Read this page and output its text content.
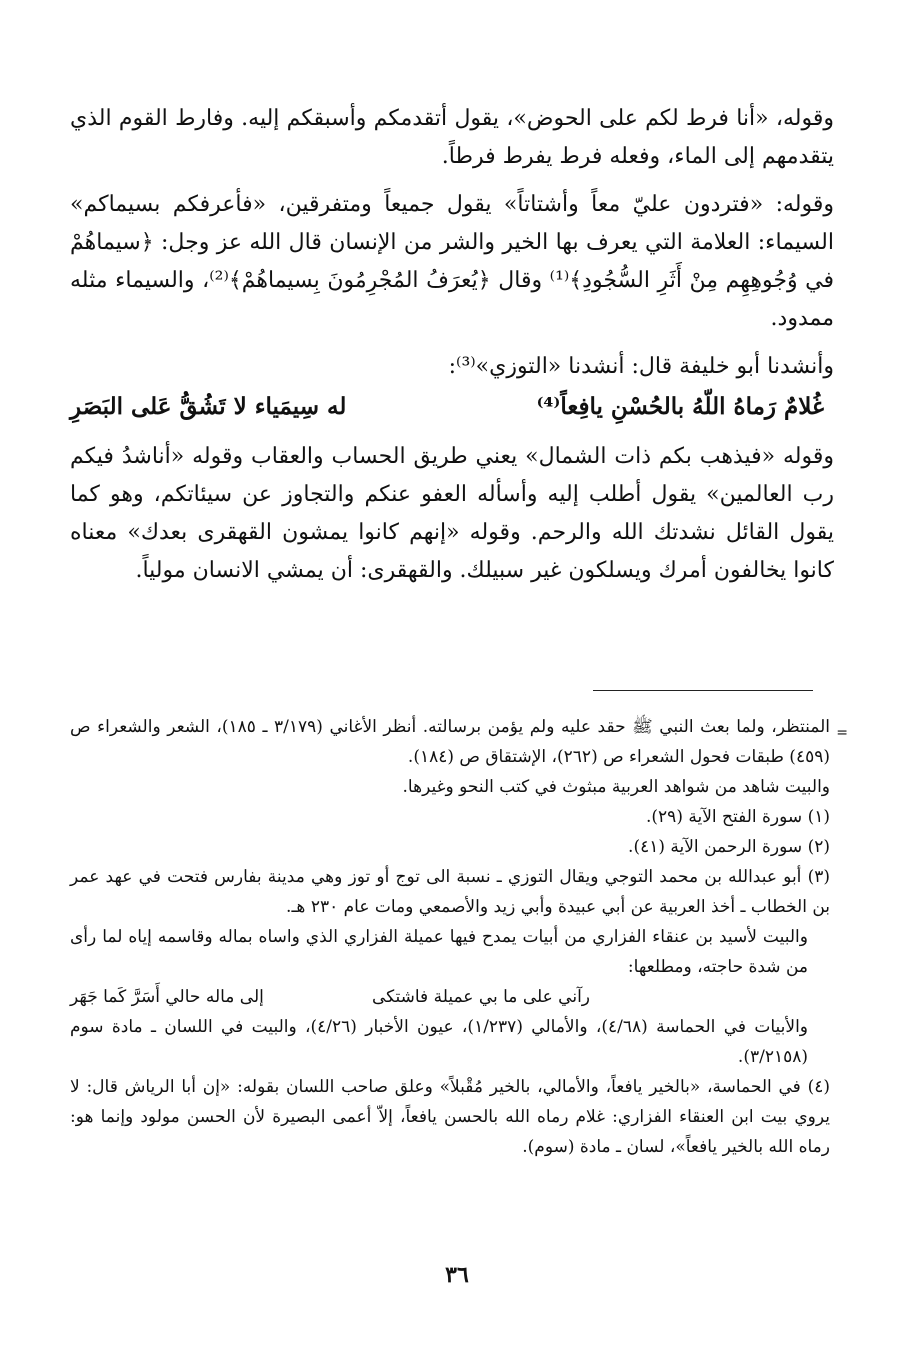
وقوله، «أنا فرط لكم على الحوض»، يقول أتقدمكم وأسبقكم إليه. وفارط القوم الذي يتقدمهم إلى الماء، وفعله فرط يفرط فرطاً.

وقوله: «فتردون عليّ معاً وأشتاتاً» يقول جميعاً ومتفرقين، «فأعرفكم بسيماكم» السيماء: العلامة التي يعرف بها الخير والشر من الإنسان قال الله عز وجل: ﴿سيماهُمْ في وُجُوهِهِم مِنْ أَثَرِ السُّجُودِ﴾⁽¹⁾ وقال ﴿يُعرَفُ المُجْرِمُونَ بِسيماهُمْ﴾⁽²⁾، والسيماء مثله ممدود.

وأنشدنا أبو خليفة قال: أنشدنا «التوزي»⁽³⁾:

غُلامٌ رَماهُ اللّهُ بالحُسْنِ يافِعاً⁽⁴⁾
له سِيمَياء لا تَشُقُّ عَلى البَصَرِ

وقوله «فيذهب بكم ذات الشمال» يعني طريق الحساب والعقاب وقوله «أناشدُ فيكم رب العالمين» يقول أطلب إليه وأسأله العفو عنكم والتجاوز عن سيئاتكم، وهو كما يقول القائل نشدتك الله والرحم. وقوله «إنهم كانوا يمشون القهقرى بعدك» معناه كانوا يخالفون أمرك ويسلكون غير سبيلك. والقهقرى: أن يمشي الانسان مولياً.

=

المنتظر، ولما بعث النبي ﷺ حقد عليه ولم يؤمن برسالته. أنظر الأغاني (٣/١٧٩ ـ ١٨٥)، الشعر والشعراء ص (٤٥٩) طبقات فحول الشعراء ص (٢٦٢)، الإشتقاق ص (١٨٤).

والبيت شاهد من شواهد العربية مبثوث في كتب النحو وغيرها.

(١) سورة الفتح الآية (٢٩).

(٢) سورة الرحمن الآية (٤١).

(٣) أبو عبدالله بن محمد التوجي ويقال التوزي ـ نسبة الى توج أو توز وهي مدينة بفارس فتحت في عهد عمر بن الخطاب ـ أخذ العربية عن أبي عبيدة وأبي زيد والأصمعي ومات عام ٢٣٠ هـ.

والبيت لأسيد بن عنقاء الفزاري من أبيات يمدح فيها عميلة الفزاري الذي واساه بماله وقاسمه إياه لما رأى من شدة حاجته، ومطلعها:

رآني على ما بي عميلة فاشتكى
إلى ماله حالي أَسَرَّ كَما جَهَر

والأبيات في الحماسة (٤/٦٨)، والأمالي (١/٢٣٧)، عيون الأخبار (٤/٢٦)، والبيت في اللسان ـ مادة سوم (٣/٢١٥٨).

(٤) في الحماسة، «بالخير يافعاً، والأمالي، بالخير مُقْبلاً» وعلق صاحب اللسان بقوله: «إن أبا الرياش قال: لا يروي بيت ابن العنقاء الفزاري: غلام رماه الله بالحسن يافعاً، إلاّ أعمى البصيرة لأن الحسن مولود وإنما هو: رماه الله بالخير يافعاً»، لسان ـ مادة (سوم).

٣٦
